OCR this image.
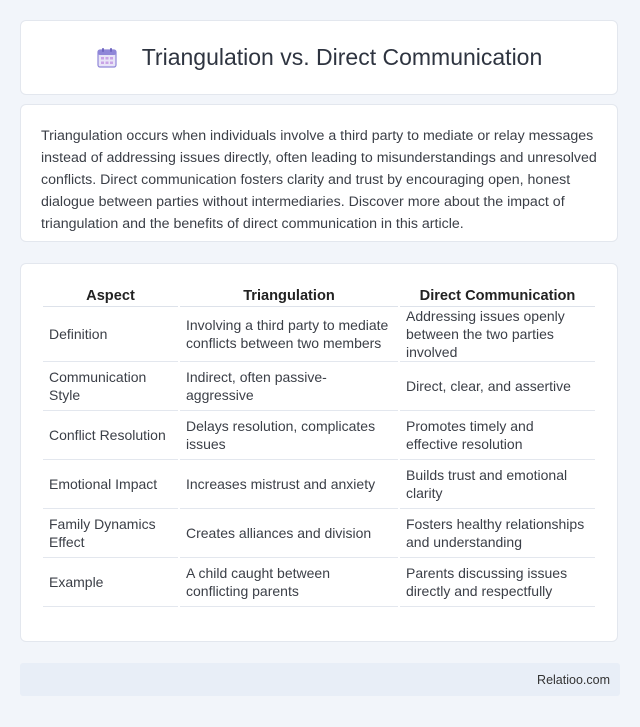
Triangulation vs. Direct Communication

Triangulation occurs when individuals involve a third party to mediate or relay messages instead of addressing issues directly, often leading to misunderstandings and unresolved conflicts. Direct communication fosters clarity and trust by encouraging open, honest dialogue between parties without intermediaries. Discover more about the impact of triangulation and the benefits of direct communication in this article.

Aspect	Triangulation	Direct Communication
Definition	Involving a third party to mediate conflicts between two members	Addressing issues openly between the two parties involved
Communication Style	Indirect, often passive-aggressive	Direct, clear, and assertive
Conflict Resolution	Delays resolution, complicates issues	Promotes timely and effective resolution
Emotional Impact	Increases mistrust and anxiety	Builds trust and emotional clarity
Family Dynamics Effect	Creates alliances and division	Fosters healthy relationships and understanding
Example	A child caught between conflicting parents	Parents discussing issues directly and respectfully
Relatioo.com
